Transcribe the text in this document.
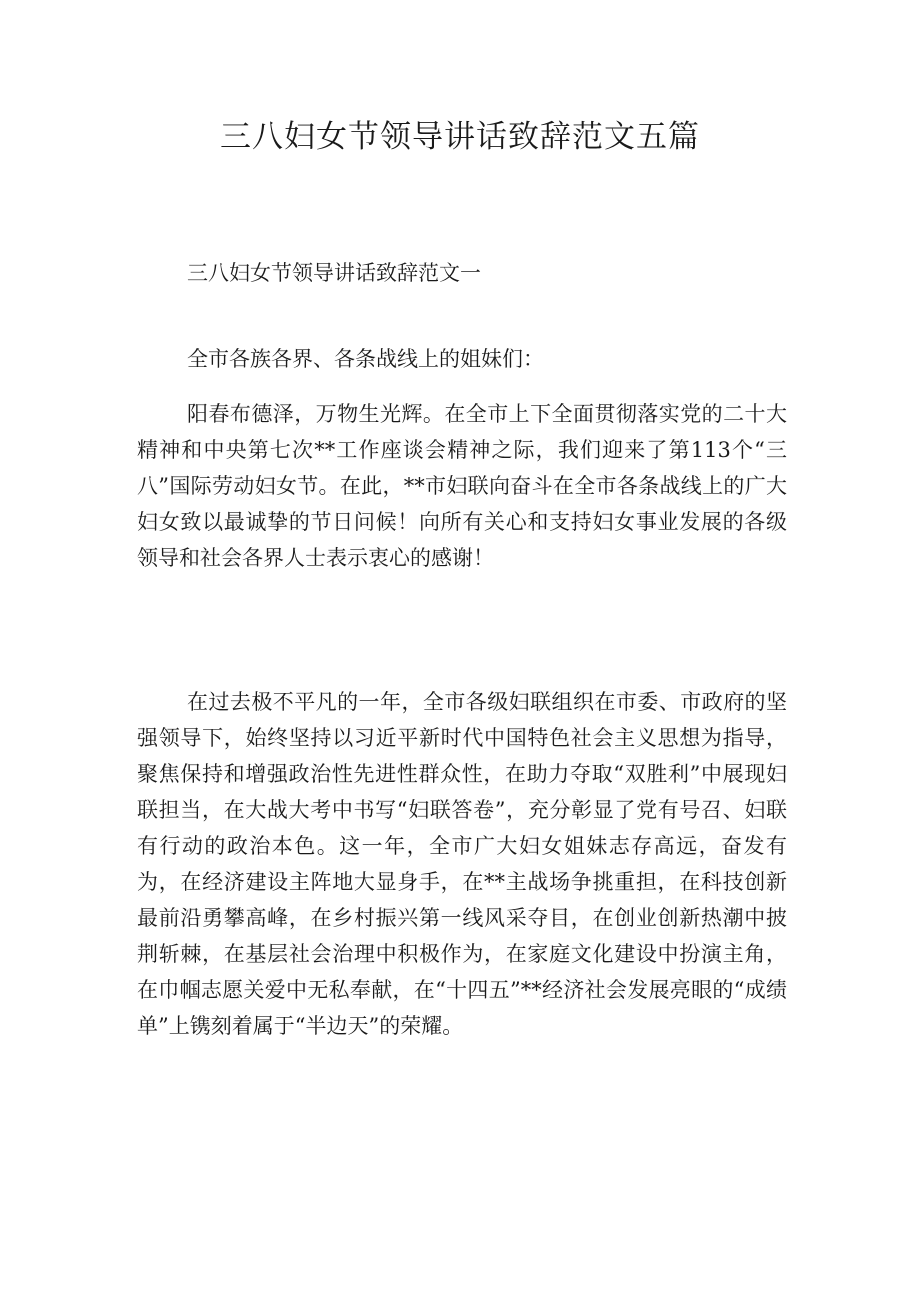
三八妇女节领导讲话致辞范文五篇

三八妇女节领导讲话致辞范文一

全市各族各界、各条战线上的姐妹们：

阳春布德泽，万物生光辉。在全市上下全面贯彻落实党的二十大精神和中央第七次**工作座谈会精神之际，我们迎来了第113个“三八”国际劳动妇女节。在此，**市妇联向奋斗在全市各条战线上的广大妇女致以最诚挚的节日问候！向所有关心和支持妇女事业发展的各级领导和社会各界人士表示衷心的感谢！

在过去极不平凡的一年，全市各级妇联组织在市委、市政府的坚强领导下，始终坚持以习近平新时代中国特色社会主义思想为指导，聚焦保持和增强政治性先进性群众性，在助力夺取“双胜利”中展现妇联担当，在大战大考中书写“妇联答卷”，充分彰显了党有号召、妇联有行动的政治本色。这一年，全市广大妇女姐妹志存高远，奋发有为，在经济建设主阵地大显身手，在**主战场争挑重担，在科技创新最前沿勇攀高峰，在乡村振兴第一线风采夺目，在创业创新热潮中披荆斩棘，在基层社会治理中积极作为，在家庭文化建设中扮演主角，在巾帼志愿关爱中无私奉献，在“十四五”**经济社会发展亮眼的“成绩单”上镌刻着属于“半边天”的荣耀。
